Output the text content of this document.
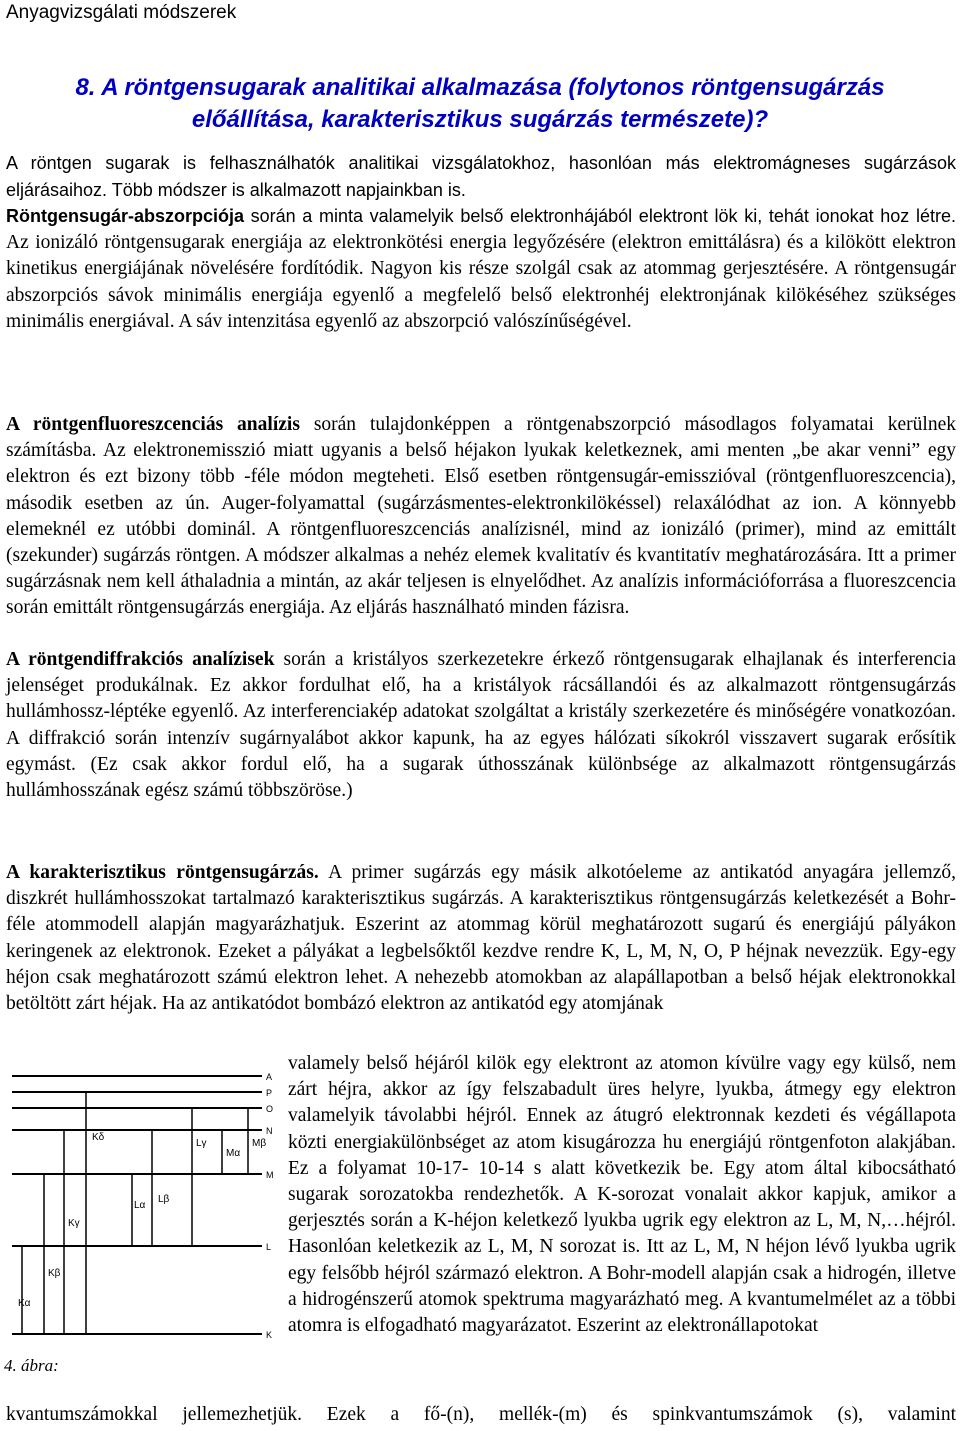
Anyagvizsgálati módszerek
8. A röntgensugarak analitikai alkalmazása (folytonos röntgensugárzás
előállítása, karakterisztikus sugárzás természete)?
A röntgen sugarak is felhasználhatók analitikai vizsgálatokhoz, hasonlóan más elektromágneses sugárzások eljárásaihoz. Több módszer is alkalmazott napjainkban is.
Röntgensugár-abszorpciója során a minta valamelyik belső elektronhájából elektront lök ki, tehát ionokat hoz létre. Az ionizáló röntgensugarak energiája az elektronkötési energia legyőzésére (elektron emittálásra) és a kilökött elektron kinetikus energiájának növelésére fordítódik. Nagyon kis része szolgál csak az atommag gerjesztésére. A röntgensugár abszorpciós sávok minimális energiája egyenlő a megfelelő belső elektronhéj elektronjának kilökéséhez szükséges minimális energiával. A sáv intenzitása egyenlő az abszorpció valószínűségével.
A röntgenfluoreszcenciás analízis során tulajdonképpen a röntgenabszorpció másodlagos folyamatai kerülnek számításba. Az elektronemisszió miatt ugyanis a belső héjakon lyukak keletkeznek, ami menten „be akar venni” egy elektron és ezt bizony több -féle módon megteheti. Első esetben röntgensugár-emisszióval (röntgenfluoreszcencia), második esetben az ún. Auger-folyamattal (sugárzásmentes-elektronkilökéssel) relaxálódhat az ion. A könnyebb elemeknél ez utóbbi dominál. A röntgenfluoreszcenciás analízisnél, mind az ionizáló (primer), mind az emittált (szekunder) sugárzás röntgen. A módszer alkalmas a nehéz elemek kvalitatív és kvantitatív meghatározására. Itt a primer sugárzásnak nem kell áthaladnia a mintán, az akár teljesen is elnyelődhet. Az analízis információforrása a fluoreszcencia során emittált röntgensugárzás energiája. Az eljárás használható minden fázisra.
A röntgendiffrakciós analízisek során a kristályos szerkezetekre érkező röntgensugarak elhajlanak és interferencia jelenséget produkálnak. Ez akkor fordulhat elő, ha a kristályok rácsállandói és az alkalmazott röntgensugárzás hullámhossz-léptéke egyenlő. Az interferenciakép adatokat szolgáltat a kristály szerkezetére és minőségére vonatkozóan. A diffrakció során intenzív sugárnyalábot akkor kapunk, ha az egyes hálózati síkokról visszavert sugarak erősítik egymást. (Ez csak akkor fordul elő, ha a sugarak úthosszának különbsége az alkalmazott röntgensugárzás hullámhosszának egész számú többszöröse.)
A karakterisztikus röntgensugárzás. A primer sugárzás egy másik alkotóeleme az antikatód anyagára jellemző, diszkrét hullámhosszokat tartalmazó karakterisztikus sugárzás. A karakterisztikus röntgensugárzás keletkezését a Bohr-féle atommodell alapján magyarázhatjuk. Eszerint az atommag körül meghatározott sugarú és energiájú pályákon keringenek az elektronok. Ezeket a pályákat a legbelsőktől kezdve rendre K, L, M, N, O, P héjnak nevezzük. Egy-egy héjon csak meghatározott számú elektron lehet. A nehezebb atomokban az alapállapotban a belső héjak elektronokkal betöltött zárt héjak. Ha az antikatódot bombázó elektron az antikatód egy atomjának
valamely belső héjáról kilök egy elektront az atomon kívülre vagy egy külső, nem zárt héjra, akkor az így felszabadult üres helyre, lyukba, átmegy egy elektron valamelyik távolabbi héjról. Ennek az átugró elektronnak kezdeti és végállapota közti energiakülönbséget az atom kisugározza hu energiájú röntgenfoton alakjában. Ez a folyamat 10-17- 10-14 s alatt következik be. Egy atom által kibocsátható sugarak sorozatokba rendezhetők. A K-sorozat vonalait akkor kapjuk, amikor a gerjesztés során a K-héjon keletkező lyukba ugrik egy elektron az L, M, N,…héjról. Hasonlóan keletkezik az L, M, N sorozat is. Itt az L, M, N héjon lévő lyukba ugrik egy felsőbb héjról származó elektron. A Bohr-modell alapján csak a hidrogén, illetve a hidrogénszerű atomok spektruma magyarázható meg. A kvantumelmélet az a többi atomra is elfogadható magyarázatot. Eszerint az elektronállapotokat
A
P
O
N
M
L
K
Kδ
Kγ
Kβ
Kα
Lα
Lβ
Lγ
Mα
Mβ
4. ábra:
kvantumszámokkal jellemezhetjük. Ezek a fő-(n), mellék-(m) és spinkvantumszámok (s), valamint
